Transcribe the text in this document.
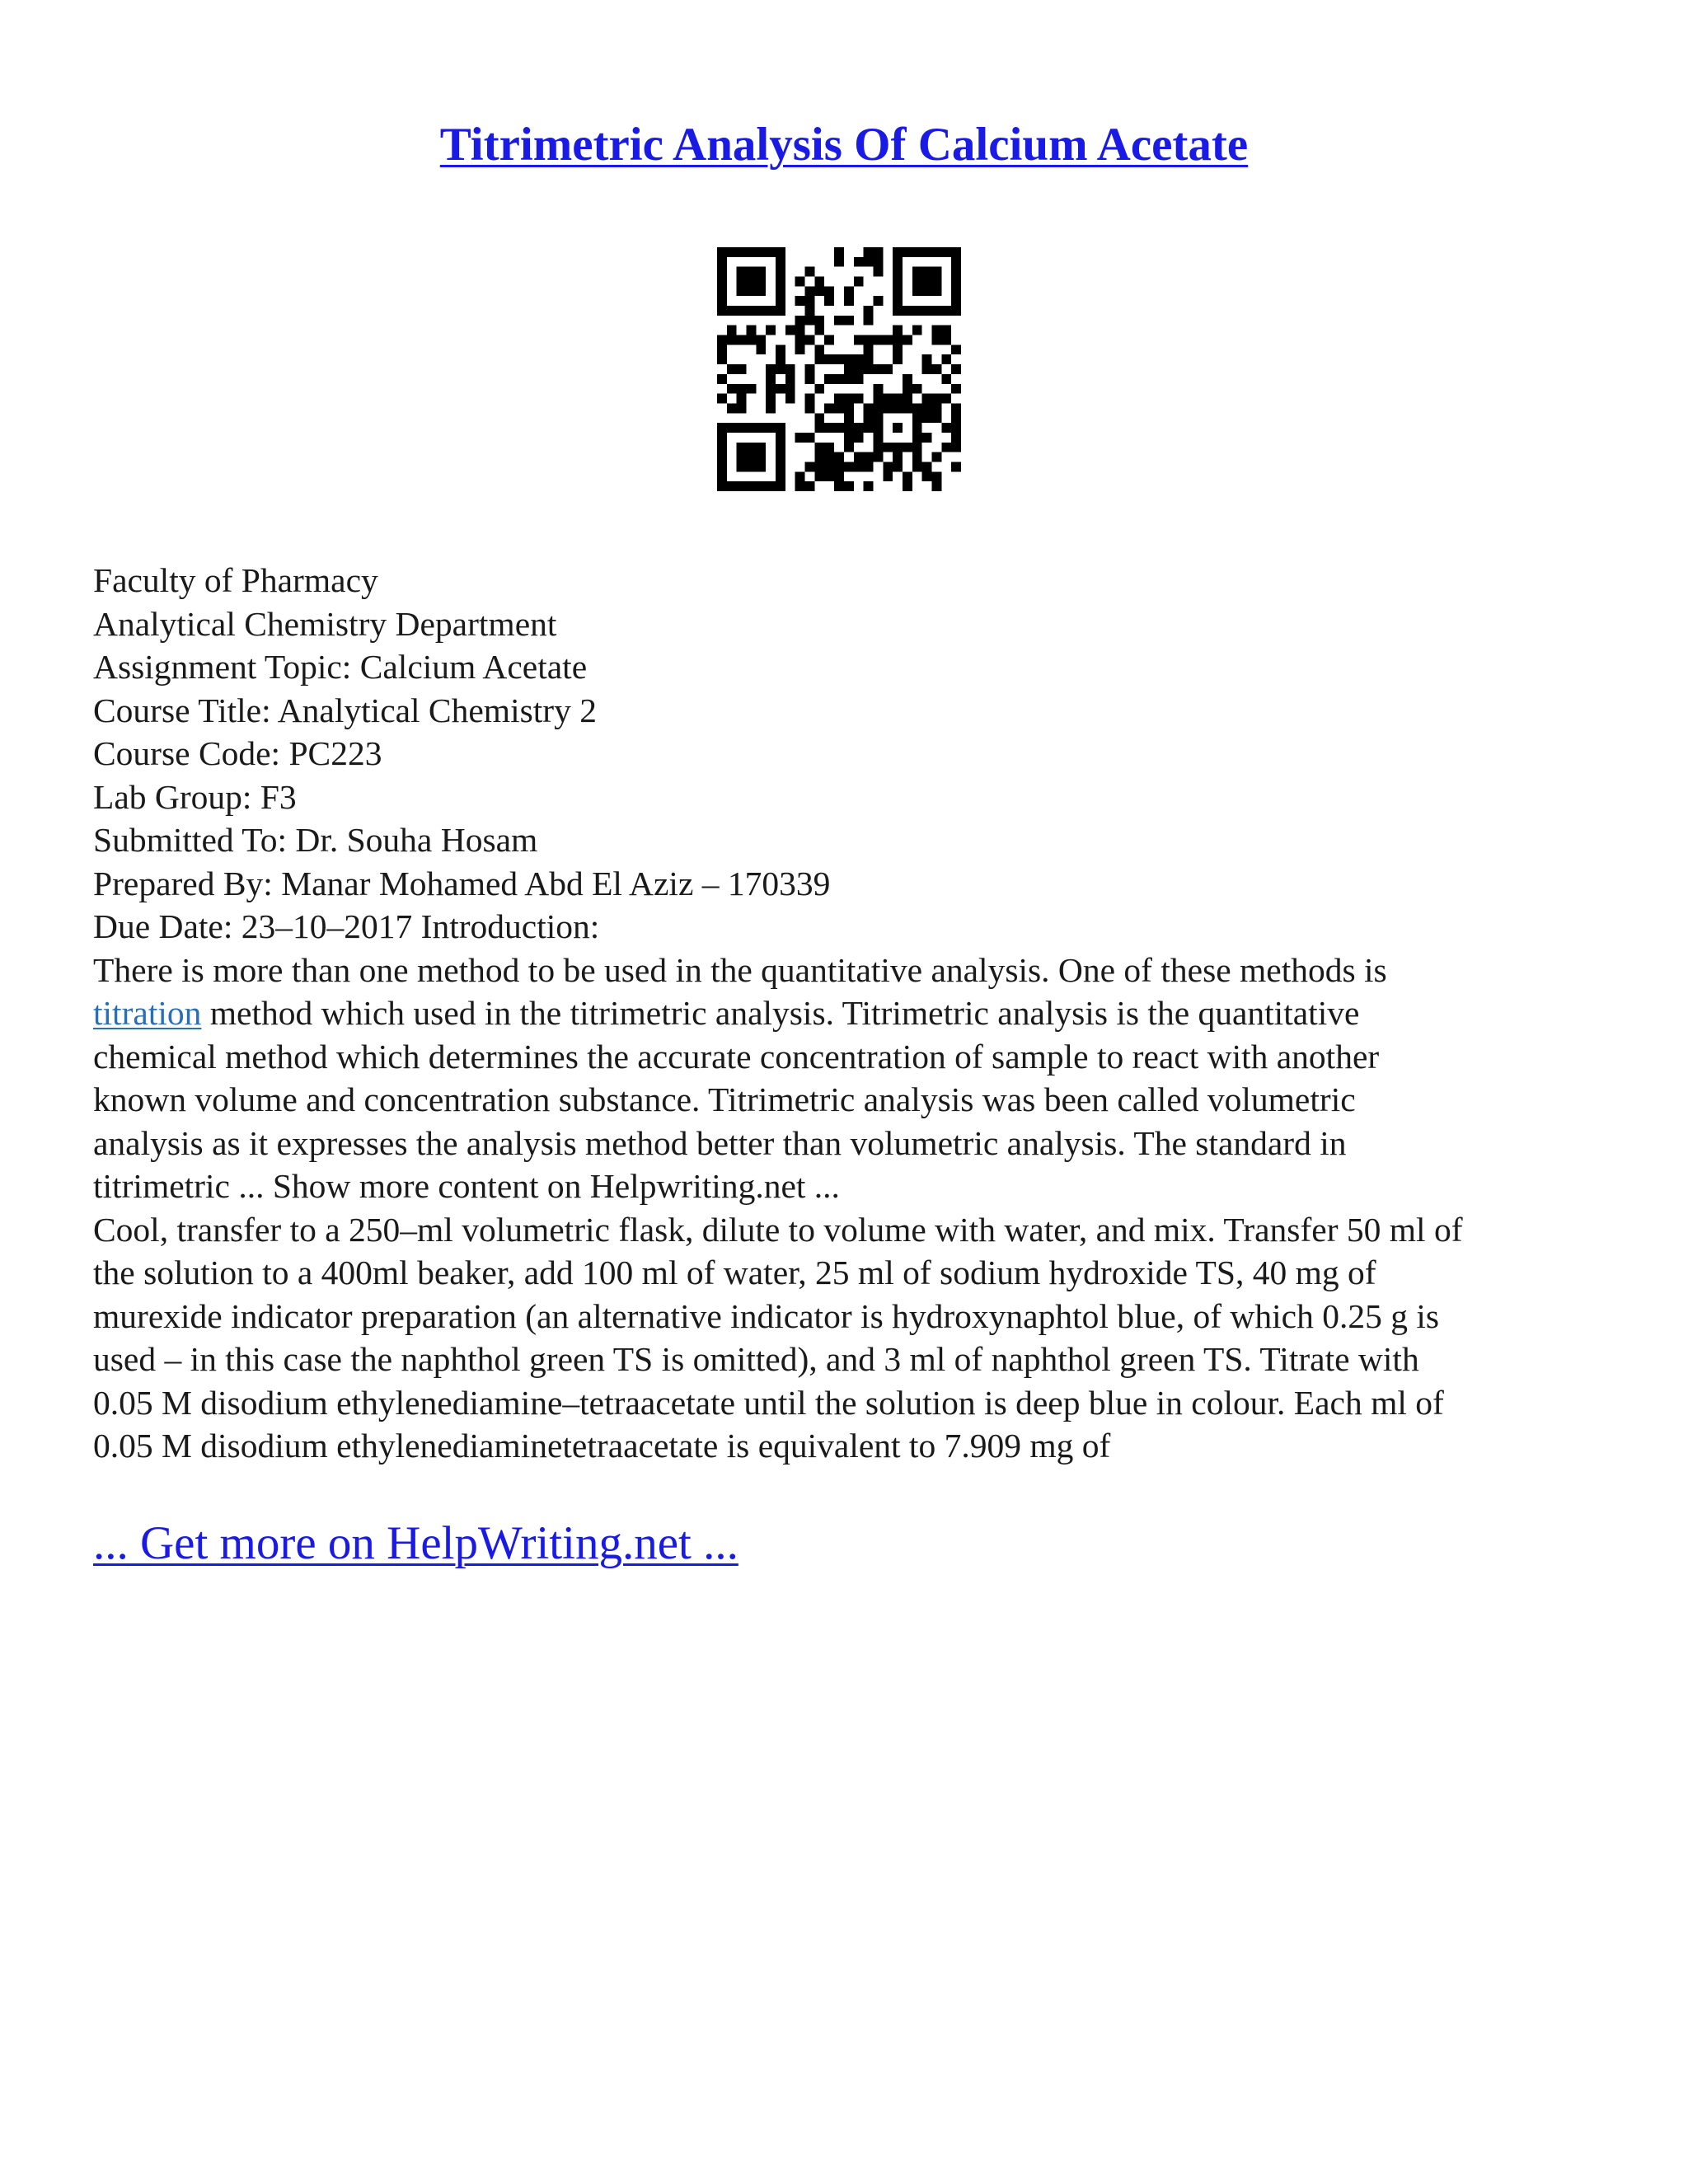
Titrimetric Analysis Of Calcium Acetate
Faculty of Pharmacy
Analytical Chemistry Department
Assignment Topic: Calcium Acetate
Course Title: Analytical Chemistry 2
Course Code: PC223
Lab Group: F3
Submitted To: Dr. Souha Hosam
Prepared By: Manar Mohamed Abd El Aziz – 170339
Due Date: 23–10–2017 Introduction:
There is more than one method to be used in the quantitative analysis. One of these methods is
titration method which used in the titrimetric analysis. Titrimetric analysis is the quantitative
chemical method which determines the accurate concentration of sample to react with another
known volume and concentration substance. Titrimetric analysis was been called volumetric
analysis as it expresses the analysis method better than volumetric analysis. The standard in
titrimetric ... Show more content on Helpwriting.net ...
Cool, transfer to a 250–ml volumetric flask, dilute to volume with water, and mix. Transfer 50 ml of
the solution to a 400ml beaker, add 100 ml of water, 25 ml of sodium hydroxide TS, 40 mg of
murexide indicator preparation (an alternative indicator is hydroxynaphtol blue, of which 0.25 g is
used – in this case the naphthol green TS is omitted), and 3 ml of naphthol green TS. Titrate with
0.05 M disodium ethylenediamine–tetraacetate until the solution is deep blue in colour. Each ml of
0.05 M disodium ethylenediaminetetraacetate is equivalent to 7.909 mg of
... Get more on HelpWriting.net ...
